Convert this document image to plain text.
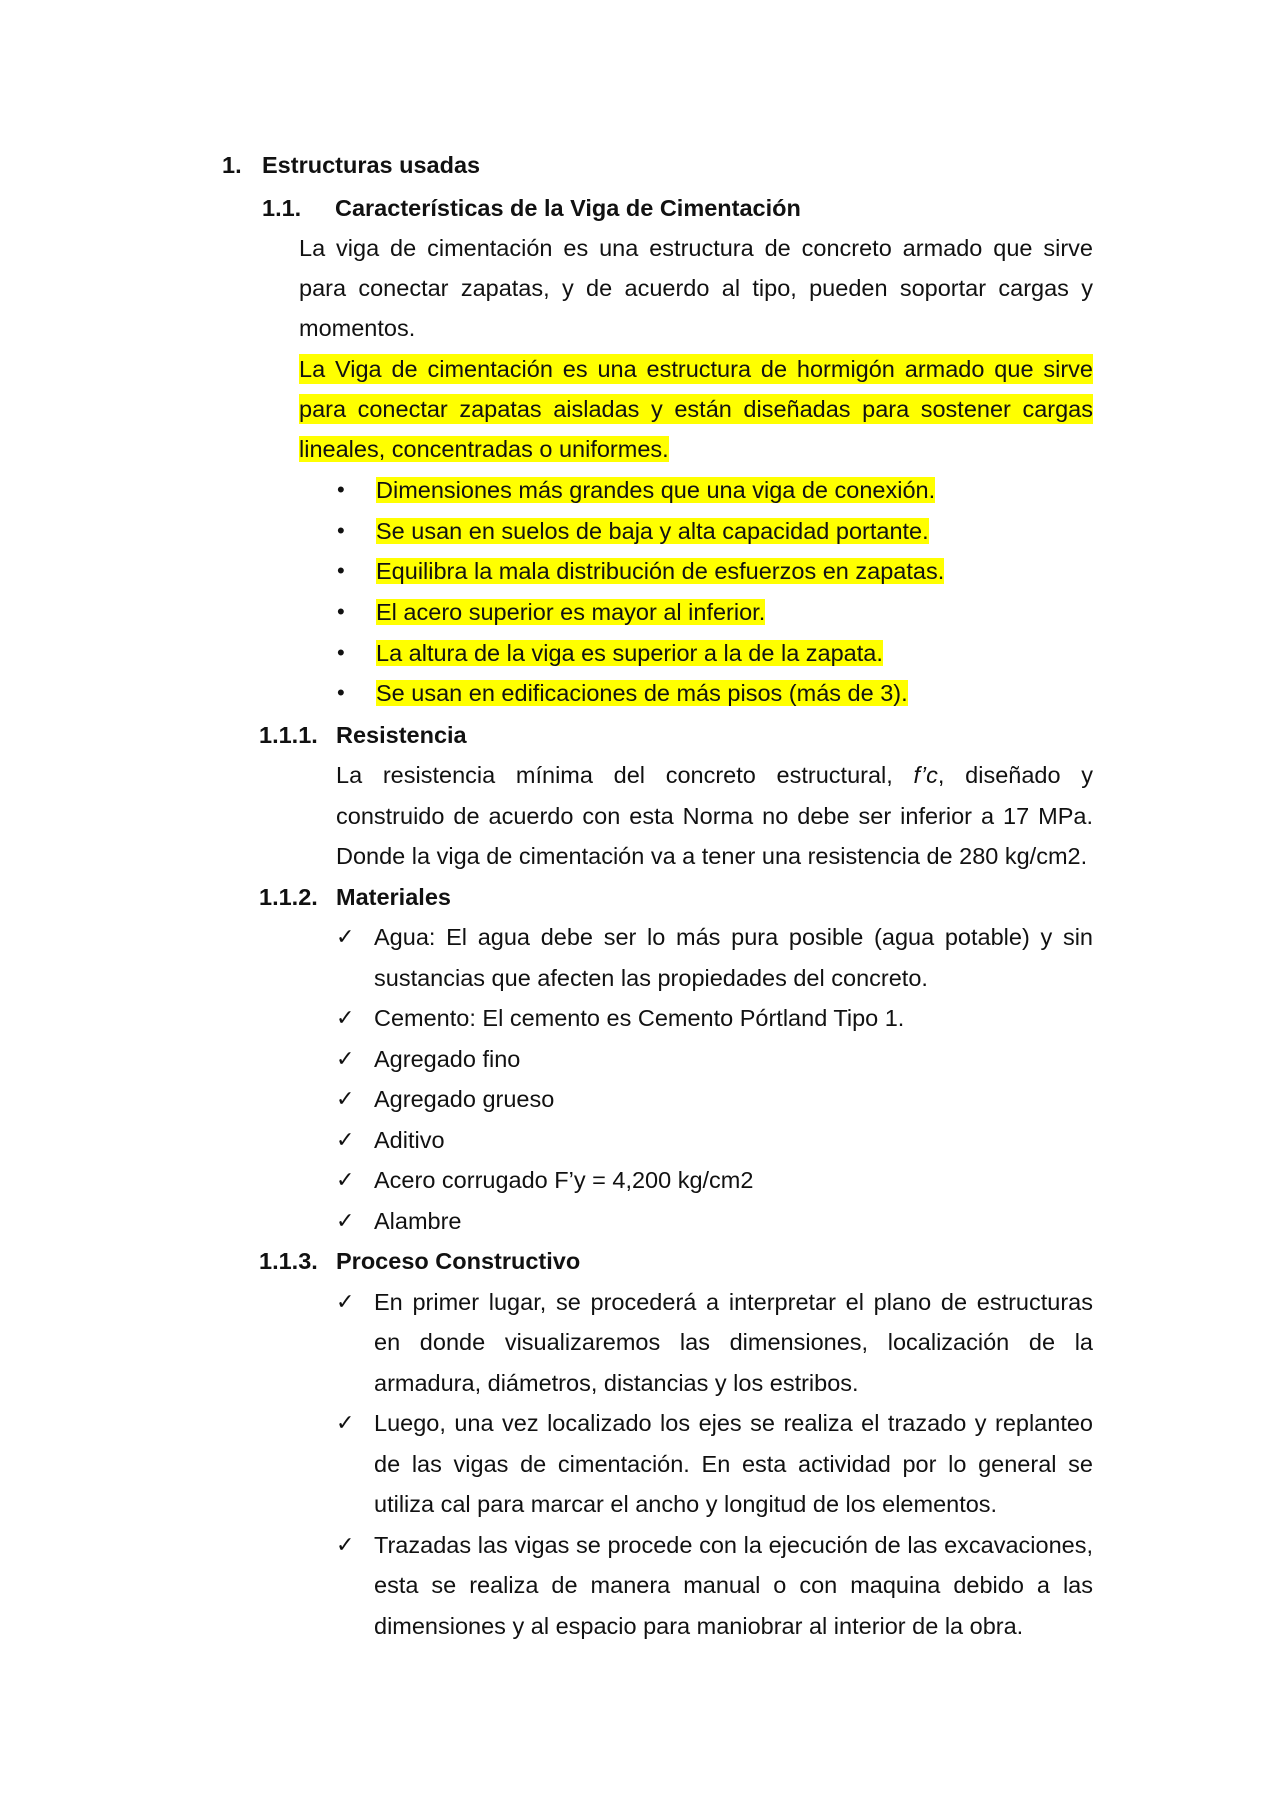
1. Estructuras usadas
1.1. Características de la Viga de Cimentación
La viga de cimentación es una estructura de concreto armado que sirve
para conectar zapatas, y de acuerdo al tipo, pueden soportar cargas y
momentos.
La Viga de cimentación es una estructura de hormigón armado que sirve
para conectar zapatas aisladas y están diseñadas para sostener cargas
lineales, concentradas o uniformes.
• Dimensiones más grandes que una viga de conexión.
• Se usan en suelos de baja y alta capacidad portante.
• Equilibra la mala distribución de esfuerzos en zapatas.
• El acero superior es mayor al inferior.
• La altura de la viga es superior a la de la zapata.
• Se usan en edificaciones de más pisos (más de 3).
1.1.1. Resistencia
La resistencia mínima del concreto estructural, f’c, diseñado y
construido de acuerdo con esta Norma no debe ser inferior a 17 MPa.
Donde la viga de cimentación va a tener una resistencia de 280 kg/cm2.
1.1.2. Materiales
✓ Agua: El agua debe ser lo más pura posible (agua potable) y sin
sustancias que afecten las propiedades del concreto.
✓ Cemento: El cemento es Cemento Pórtland Tipo 1.
✓ Agregado fino
✓ Agregado grueso
✓ Aditivo
✓ Acero corrugado F’y = 4,200 kg/cm2
✓ Alambre
1.1.3. Proceso Constructivo
✓ En primer lugar, se procederá a interpretar el plano de estructuras
en donde visualizaremos las dimensiones, localización de la
armadura, diámetros, distancias y los estribos.
✓ Luego, una vez localizado los ejes se realiza el trazado y replanteo
de las vigas de cimentación. En esta actividad por lo general se
utiliza cal para marcar el ancho y longitud de los elementos.
✓ Trazadas las vigas se procede con la ejecución de las excavaciones,
esta se realiza de manera manual o con maquina debido a las
dimensiones y al espacio para maniobrar al interior de la obra.
